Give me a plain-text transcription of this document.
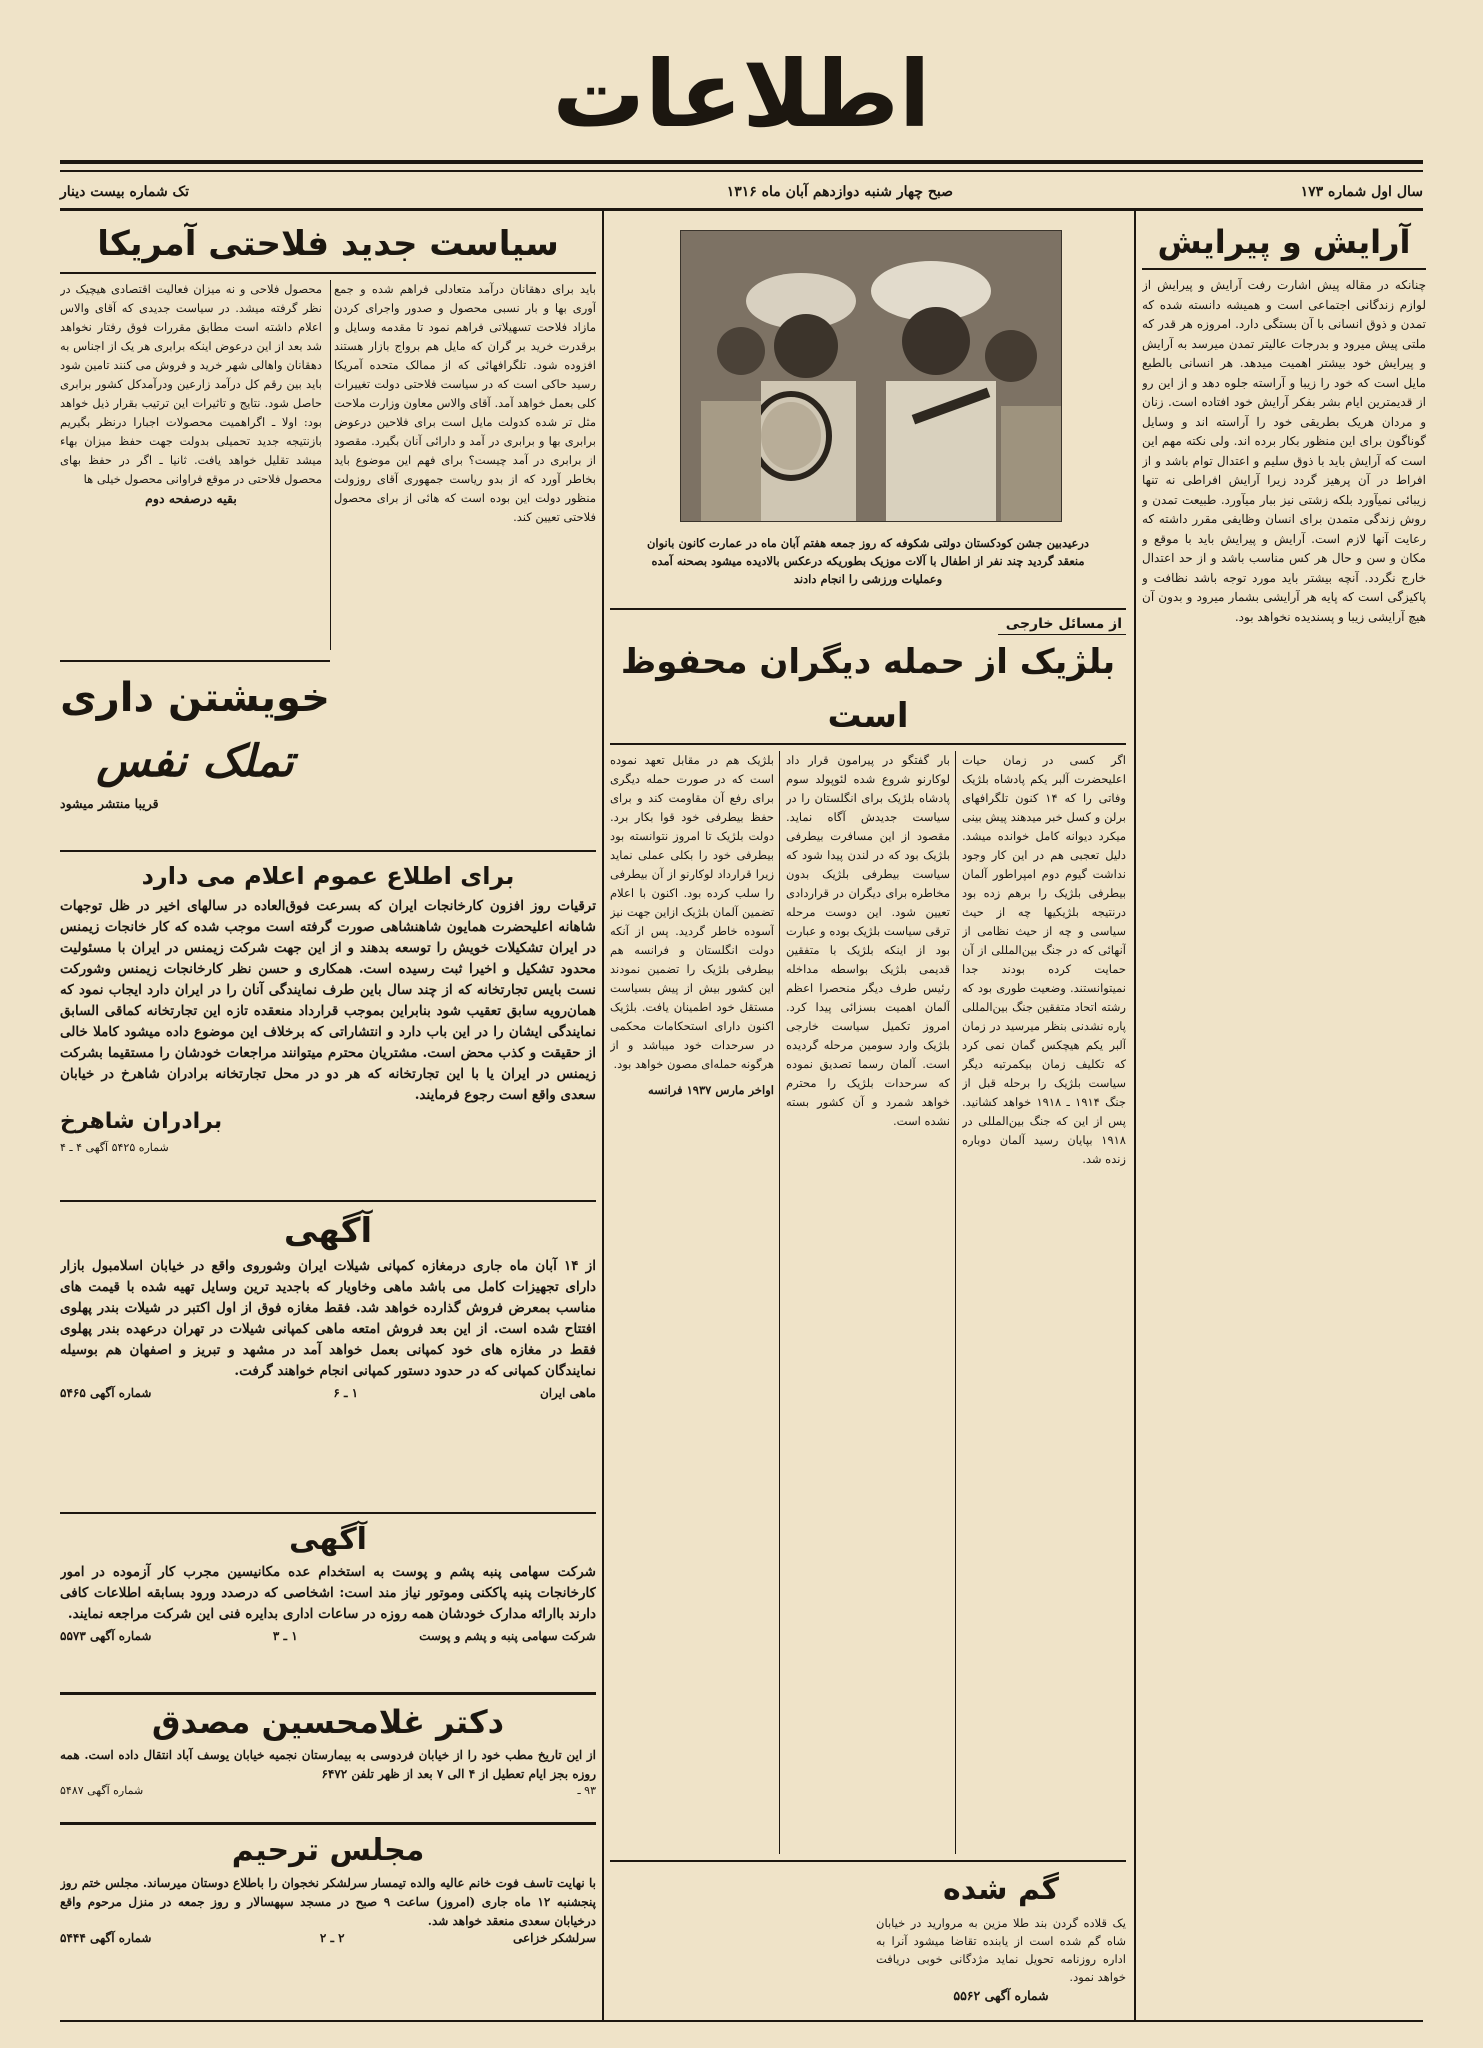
اطلاعات
سال اول شماره ۱۷۳
صبح چهار شنبه دوازدهم آبان ماه ۱۳۱۶
تک شماره بیست دینار
آرایش و پیرایش
چنانکه در مقاله پیش اشارت رفت آرایش و پیرایش از لوازم زندگانی اجتماعی است و همیشه دانسته شده که تمدن و ذوق انسانی با آن بستگی دارد. امروزه هر قدر که ملتی پیش میرود و بدرجات عالیتر تمدن میرسد به آرایش و پیرایش خود بیشتر اهمیت میدهد. هر انسانی بالطبع مایل است که خود را زیبا و آراسته جلوه دهد و از این رو از قدیمترین ایام بشر بفکر آرایش خود افتاده است. زنان و مردان هریک بطریقی خود را آراسته اند و وسایل گوناگون برای این منظور بکار برده اند. ولی نکته مهم این است که آرایش باید با ذوق سلیم و اعتدال توام باشد و از افراط در آن پرهیز گردد زیرا آرایش افراطی نه تنها زیبائی نمیآورد بلکه زشتی نیز ببار میآورد. طبیعت تمدن و روش زندگی متمدن برای انسان وظایفی مقرر داشته که رعایت آنها لازم است. آرایش و پیرایش باید با موقع و مکان و سن و حال هر کس مناسب باشد و از حد اعتدال خارج نگردد. آنچه بیشتر باید مورد توجه باشد نظافت و پاکیزگی است که پایه هر آرایشی بشمار میرود و بدون آن هیچ آرایشی زیبا و پسندیده نخواهد بود.
درعیدبین جشن کودکستان دولتی شکوفه که روز جمعه هفتم آبان ماه در عمارت کانون بانوان منعقد گردید چند نفر از اطفال با آلات موزیک بطوریکه درعکس بالادیده میشود بصحنه آمده وعملیات ورزشی را انجام دادند
از مسائل خارجی
بلژیک از حمله دیگران محفوظ است
اگر کسی در زمان حیات اعلیحضرت آلبر یکم پادشاه بلژیک وفاتی را که ۱۴ کنون تلگرافهای برلن و کسل خبر میدهند پیش بینی میکرد دیوانه کامل خوانده میشد. دلیل تعجبی هم در این کار وجود نداشت گیوم دوم امپراطور آلمان بیطرفی بلژیک را برهم زده بود درنتیجه بلژیکیها چه از حیث سیاسی و چه از حیث نظامی از آنهائی که در جنگ بین‌المللی از آن حمایت کرده بودند جدا نمیتوانستند. وضعیت طوری بود که رشته اتحاد متفقین جنگ بین‌المللی پاره نشدنی بنظر میرسید در زمان آلبر یکم هیچکس گمان نمی کرد که تکلیف زمان بیکمرتبه دیگر سیاست بلژیک را برحله قبل از جنگ ۱۹۱۴ ـ ۱۹۱۸ خواهد کشانید. پس از این که جنگ بین‌المللی در ۱۹۱۸ بپایان رسید آلمان دوباره زنده شد.
بار گفتگو در پیرامون قرار داد لوکارنو شروع شده لئوپولد سوم پادشاه بلژیک برای انگلستان را در سیاست جدیدش آگاه نماید. مقصود از این مسافرت بیطرفی بلژیک بود که در لندن پیدا شود که سیاست بیطرفی بلژیک بدون مخاطره برای دیگران در قراردادی تعیین شود. این دوست مرحله ترقی سیاست بلژیک بوده و عبارت بود از اینکه بلژیک با متفقین قدیمی بلژیک بواسطه مداخله رئیس طرف دیگر منحصرا اعظم آلمان اهمیت بسزائی پیدا کرد. امروز تکمیل سیاست خارجی بلژیک وارد سومین مرحله گردیده است. آلمان رسما تصدیق نموده که سرحدات بلژیک را محترم خواهد شمرد و آن کشور بسته نشده است.
بلژیک هم در مقابل تعهد نموده است که در صورت حمله دیگری برای رفع آن مقاومت کند و برای حفظ بیطرفی خود قوا بکار برد. دولت بلژیک تا امروز نتوانسته بود بیطرفی خود را بکلی عملی نماید زیرا قرارداد لوکارنو از آن بیطرفی را سلب کرده بود. اکنون با اعلام تضمین آلمان بلژیک ازاین جهت نیز آسوده خاطر گردید. پس از آنکه دولت انگلستان و فرانسه هم بیطرفی بلژیک را تضمین نمودند این کشور بیش از پیش بسیاست مستقل خود اطمینان یافت. بلژیک اکنون دارای استحکامات محکمی در سرحدات خود میباشد و از هرگونه حمله‌ای مصون خواهد بود.
اواخر مارس ۱۹۳۷ فرانسه
گم شده
یک قلاده گردن بند طلا مزین به مروارید در خیابان شاه گم شده است از یابنده تقاضا میشود آنرا به اداره روزنامه تحویل نماید مژدگانی خوبی دریافت خواهد نمود.
شماره آگهی ۵۵۶۲
سیاست جدید فلاحتی آمریکا
باید برای دهقانان درآمد متعادلی فراهم شده و جمع آوری بها و بار نسبی محصول و صدور واجرای کردن مازاد فلاحت تسهیلاتی فراهم نمود تا مقدمه وسایل و برقدرت خرید بر گران که مایل هم برواج بازار هستند افزوده شود. تلگرافهائی که از ممالک متحده آمریکا رسید حاکی است که در سیاست فلاحتی دولت تغییرات کلی بعمل خواهد آمد. آقای والاس معاون وزارت ملاحت مثل تر شده کدولت مایل است برای فلاحین درعوض برابری بها و برابری در آمد و دارائی آنان بگیرد. مقصود از برابری در آمد چیست؟ برای فهم این موضوع باید بخاطر آورد که از بدو ریاست جمهوری آقای روزولت منظور دولت این بوده است که هائی از برای محصول فلاحتی تعیین کند.
محصول فلاحی و نه میزان فعالیت اقتصادی هیچیک در نظر گرفته میشد. در سیاست جدیدی که آقای والاس اعلام داشته است مطابق مقررات فوق رفتار نخواهد شد بعد از این درعوض اینکه برابری هر یک از اجناس به دهقانان واهالی شهر خرید و فروش می کنند تامین شود باید بین رقم کل درآمد زارعین ودرآمدکل کشور برابری حاصل شود. نتایج و تاثیرات این ترتیب بقرار ذیل خواهد بود: اولا ـ اگراهمیت محصولات اجبارا درنظر بگیریم بازنتیجه جدید تحمیلی بدولت جهت حفظ میزان بهاء میشد تقلیل خواهد یافت. ثانیا ـ اگر در حفظ بهای محصول فلاحتی در موقع فراوانی محصول خیلی ها
بقیه درصفحه دوم
خویشتن داری
تملک نفس
قریبا منتشر میشود
برای اطلاع عموم اعلام می دارد
ترقیات روز افزون کارخانجات ایران که بسرعت فوق‌العاده در سالهای اخیر در ظل توجهات شاهانه اعلیحضرت همایون شاهنشاهی صورت گرفته است موجب شده که کار خانجات زیمنس در ایران تشکیلات خویش را توسعه بدهند و از این جهت شرکت زیمنس در ایران با مسئولیت محدود تشکیل و اخیرا ثبت رسیده است. همکاری و حسن نظر کارخانجات زیمنس وشورکت نست بایس تجارتخانه که از چند سال باین طرف نمایندگی آنان را در ایران دارد ایجاب نمود که همان‌رویه سابق تعقیب شود بنابراین بموجب قرارداد منعقده تازه این تجارتخانه کماقی السابق نمایندگی ایشان را در این باب دارد و انتشاراتی که برخلاف این موضوع داده میشود کاملا خالی از حقیقت و کذب محض است. مشتریان محترم میتوانند مراجعات خودشان را مستقیما بشرکت زیمنس در ایران یا با این تجارتخانه که هر دو در محل تجارتخانه برادران شاهرخ در خیابان سعدی واقع است رجوع فرمایند.
برادران شاهرخ
شماره ۵۴۲۵ آگهی ۴ ـ ۴
آگهی
از ۱۴ آبان ماه جاری درمغازه کمپانی شیلات ایران وشوروی واقع در خیابان اسلامبول بازار دارای تجهیزات کامل می باشد ماهی وخاویار که باجدید ترین وسایل تهیه شده با قیمت های مناسب بمعرض فروش گذارده خواهد شد. فقط مغازه فوق از اول اکتبر در شیلات بندر پهلوی افتتاح شده است. از این بعد فروش امتعه ماهی کمپانی شیلات در تهران درعهده بندر پهلوی فقط در مغازه های خود کمپانی بعمل خواهد آمد در مشهد و تبریز و اصفهان هم بوسیله نمایندگان کمپانی که در حدود دستور کمپانی انجام خواهند گرفت.
ماهی ایران
۱ ـ ۶
شماره آگهی ۵۴۶۵
آگهی
شرکت سهامی پنبه پشم و پوست به استخدام عده مکانیسین مجرب کار آزموده در امور کارخانجات پنبه پاککنی وموتور نیاز مند است: اشخاصی که درصدد ورود بسابقه اطلاعات کافی دارند باارائه مدارک خودشان همه روزه در ساعات اداری بدایره فنی این شرکت مراجعه نمایند.
شرکت سهامی پنبه و پشم و پوست
۱ ـ ۳
شماره آگهی ۵۵۷۳
دکتر غلامحسین مصدق
از این تاریخ مطب خود را از خیابان فردوسی به بیمارستان نجمیه خیابان یوسف آباد انتقال داده است. همه روزه بجز ایام تعطیل از ۴ الی ۷ بعد از ظهر تلفن ۶۴۷۲
۹۳ ـ
شماره آگهی ۵۴۸۷
مجلس ترحیم
با نهایت تاسف فوت خانم عالیه والده تیمسار سرلشکر نخجوان را باطلاع دوستان میرساند. مجلس ختم روز پنجشنبه ۱۲ ماه جاری (امروز) ساعت ۹ صبح در مسجد سپهسالار و روز جمعه در منزل مرحوم واقع درخیابان سعدی منعقد خواهد شد.
سرلشکر خزاعی
۲ ـ ۲
شماره آگهی ۵۴۴۴
